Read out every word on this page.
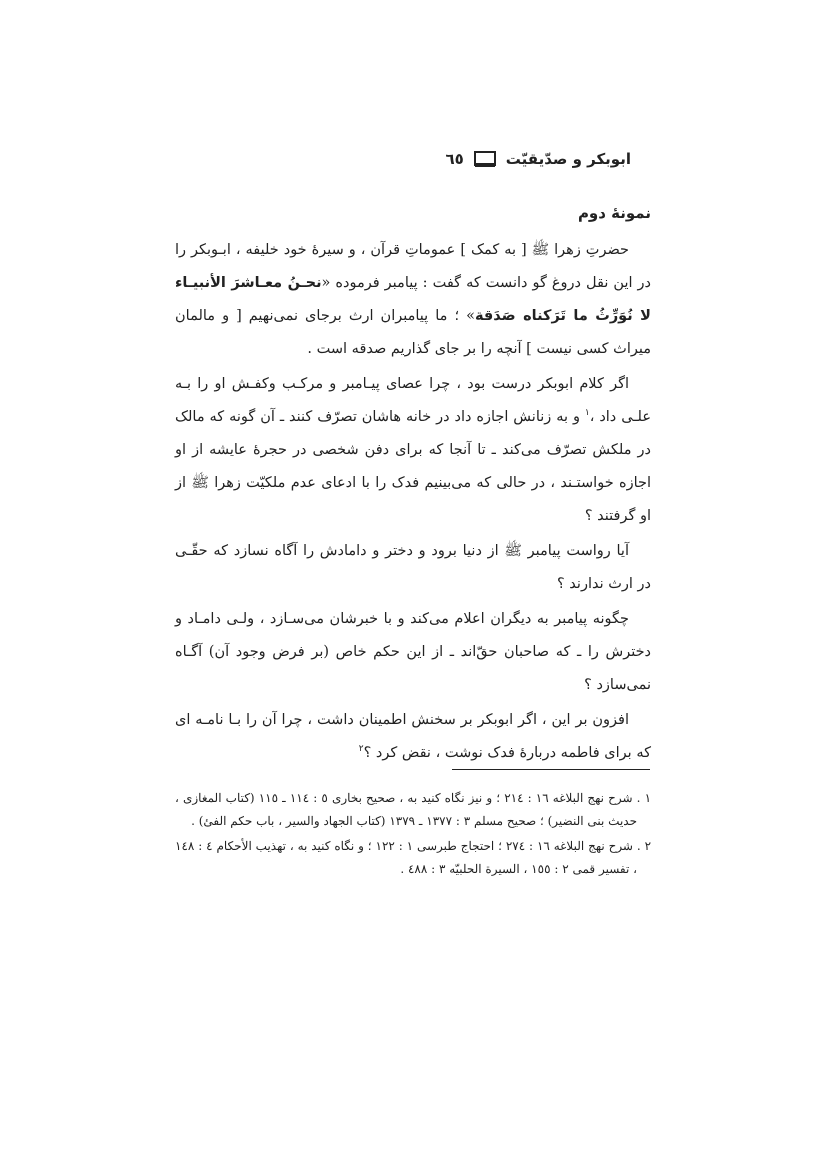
ابوبکر و صدّیقیّت
٦٥
نمونهٔ دوم

حضرتِ زهرا ﷺ [ به کمک ] عموماتِ قرآن ، و سیرهٔ خود خلیفه ، ابـوبکر را در این نقل دروغ گو دانست که گفت : پیامبر فرموده «نحـنُ معـاشرَ الأنبیـاء لا نُوَرِّثُ ما تَرَکناه صَدَقة» ؛ ما پیامبران ارث برجای نمی‌نهیم [ و مالمان میراث کسی نیست ] آنچه را بر جای گذاریم صدقه است .

اگر کلام ابوبکر درست بود ، چرا عصای پیـامبر و مرکـب وکفـش او را بـه علـی داد ،$^١$ و به زنانش اجازه داد در خانه هاشان تصرّف کنند ـ آن گونه که مالک در ملکش تصرّف می‌کند ـ تا آنجا که برای دفن شخصی در حجرهٔ عایشه از او اجازه خواستـند ، در حالی که می‌بینیم فدک را با ادعای عدم ملکیّت زهرا ﷺ از او گرفتند ؟

آیا رواست پیامبر ﷺ از دنیا برود و دختر و دامادش را آگاه نسازد که حقّـی در ارث ندارند ؟

چگونه پیامبر به دیگران اعلام می‌کند و با خبرشان می‌سـازد ، ولـی دامـاد و دخترش را ـ که صاحبان حقّ‌اند ـ از این حکم خاص (بر فرض وجود آن) آگـاه نمی‌سازد ؟

افزون بر این ، اگر ابوبکر بر سخنش اطمینان داشت ، چرا آن را بـا نامـه ای که برای فاطمه دربارهٔ فدک نوشت ، نقض کرد ؟$^٢$

١ . شرح نهج البلاغه ١٦ : ٢١٤ ؛ و نیز نگاه کنید به ، صحیح بخاری ٥ : ١١٤ ـ ١١٥ (کتاب المغازی ، حدیث بنی النضیر) ؛ صحیح مسلم ٣ : ١٣٧٧ ـ ١٣٧٩ (کتاب الجهاد والسیر ، باب حکم الفئ) .

٢ . شرح نهج البلاغه ١٦ : ٢٧٤ ؛ احتجاج طبرسی ١ : ١٢٢ ؛ و نگاه کنید به ، تهذیب الأحکام ٤ : ١٤٨ ، تفسیر قمی ٢ : ١٥٥ ، السیرة الحلبیّه ٣ : ٤٨٨ .
